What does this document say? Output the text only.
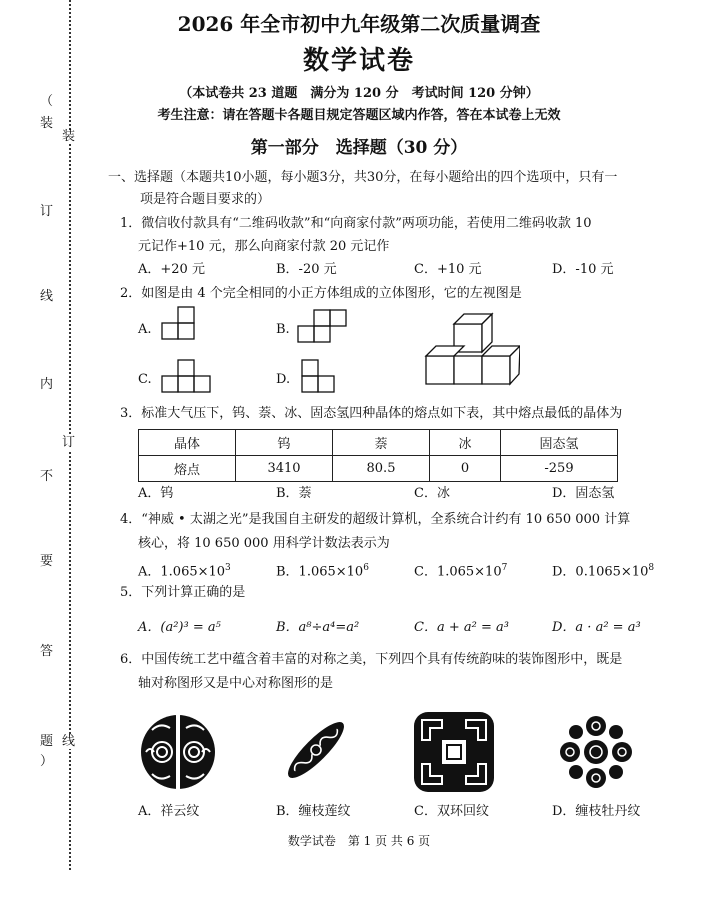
（
装
订
线
内
不
要
答
题
）
装
订
线
2026 年全市初中九年级第二次质量调查
数学试卷
（本试卷共 23 道题　满分为 120 分　考试时间 120 分钟）
考生注意：请在答题卡各题目规定答题区域内作答，答在本试卷上无效
第一部分　选择题（30 分）
一、选择题（本题共10小题，每小题3分，共30分，在每小题给出的四个选项中，只有一
项是符合题目要求的）
1．微信收付款具有“二维码收款”和“向商家付款”两项功能，若使用二维码收款 10
元记作+10 元，那么向商家付款 20 元记作
A．+20 元	B．-20 元	C．+10 元	D．-10 元
2．如图是由 4 个完全相同的小正方体组成的立体图形，它的左视图是
A.	B.
C.	D.
3．标准大气压下，钨、萘、冰、固态氢四种晶体的熔点如下表，其中熔点最低的晶体为
晶体	钨	萘	冰	固态氢
熔点	3410	80.5	0	-259
A．钨	B．萘	C．冰	D．固态氢
4．“神威 • 太湖之光”是我国自主研发的超级计算机，全系统合计约有 10 650 000 计算
核心，将 10 650 000 用科学计数法表示为
A．$1.065\times 10^3$	B．$1.065\times 10^6$	C．$1.065\times 10^7$	D．$0.1065\times 10^8$
5．下列计算正确的是
A．(a²)³ = a⁵	B．a⁸÷a⁴=a²	C．a + a² = a³	D．a · a² = a³
6．中国传统工艺中蕴含着丰富的对称之美，下列四个具有传统韵味的装饰图形中，既是
轴对称图形又是中心对称图形的是
A．祥云纹	B．缠枝莲纹	C．双环回纹	D．缠枝牡丹纹
数学试卷　第 1 页 共 6 页
